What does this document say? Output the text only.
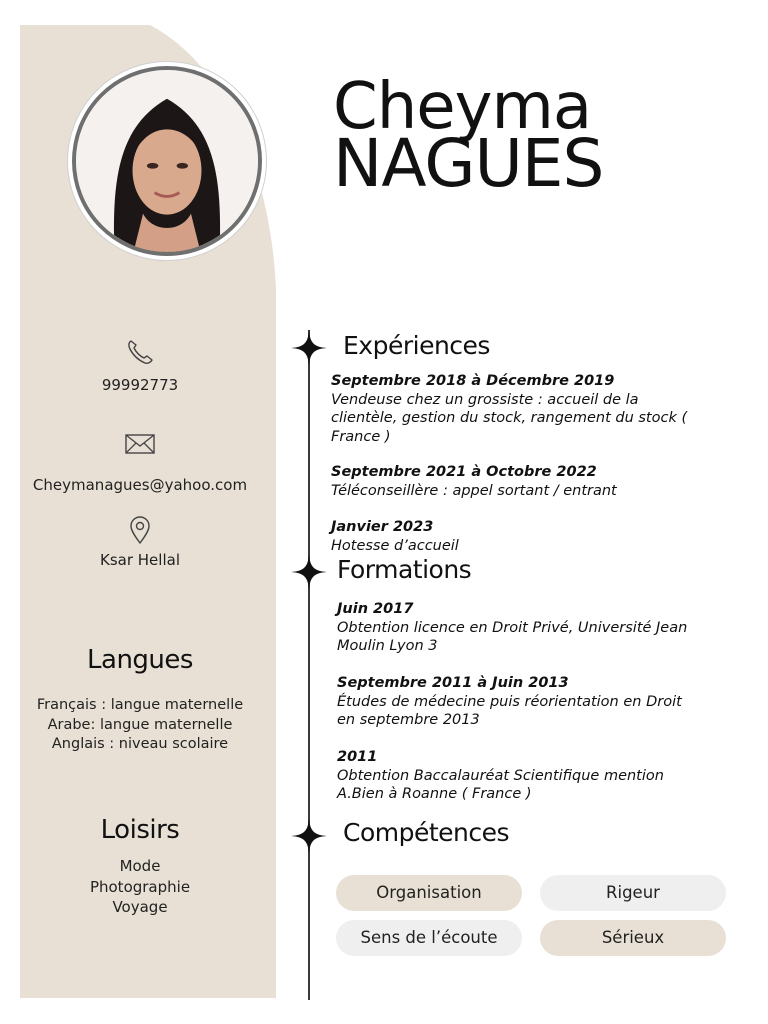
Cheyma
NAGUES
99992773
Cheymanagues@yahoo.com
Ksar Hellal
Langues
Français : langue maternelle
Arabe: langue maternelle
Anglais : niveau scolaire
Loisirs
Mode
Photographie
Voyage
Expériences
Septembre 2018 à Décembre 2019
Vendeuse chez un grossiste : accueil de la
clientèle, gestion du stock, rangement du stock (
France )
Septembre 2021 à Octobre 2022
Téléconseillère : appel sortant / entrant
Janvier 2023
Hotesse d’accueil
Formations
Juin 2017
Obtention licence en Droit Privé, Université Jean
Moulin Lyon 3
Septembre 2011 à Juin 2013
Études de médecine puis réorientation en Droit
en septembre 2013
2011
Obtention Baccalauréat Scientifique mention
A.Bien à Roanne ( France )
Compétences
Organisation	Rigeur
Sens de l’écoute	Sérieux
